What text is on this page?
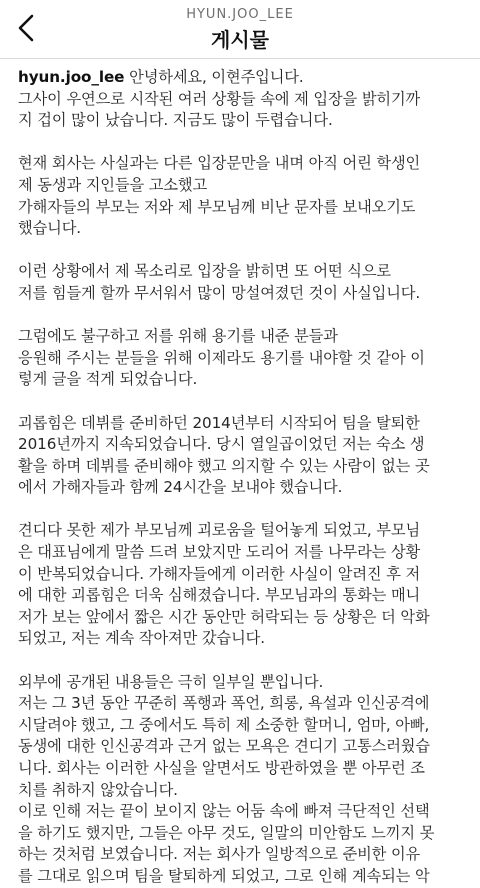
HYUN.JOO_LEE
게시물
hyun.joo_lee 안녕하세요, 이현주입니다.
그사이 우연으로 시작된 여러 상황들 속에 제 입장을 밝히기까
지 겁이 많이 났습니다. 지금도 많이 두렵습니다.
현재 회사는 사실과는 다른 입장문만을 내며 아직 어린 학생인
제 동생과 지인들을 고소했고
가해자들의 부모는 저와 제 부모님께 비난 문자를 보내오기도
했습니다.
이런 상황에서 제 목소리로 입장을 밝히면 또 어떤 식으로
저를 힘들게 할까 무서워서 많이 망설여졌던 것이 사실입니다.
그럼에도 불구하고 저를 위해 용기를 내준 분들과
응원해 주시는 분들을 위해 이제라도 용기를 내야할 것 같아 이
렇게 글을 적게 되었습니다.
괴롭힘은 데뷔를 준비하던 2014년부터 시작되어 팀을 탈퇴한
2016년까지 지속되었습니다. 당시 열일곱이었던 저는 숙소 생
활을 하며 데뷔를 준비해야 했고 의지할 수 있는 사람이 없는 곳
에서 가해자들과 함께 24시간을 보내야 했습니다.
견디다 못한 제가 부모님께 괴로움을 털어놓게 되었고, 부모님
은 대표님에게 말씀 드려 보았지만 도리어 저를 나무라는 상황
이 반복되었습니다. 가해자들에게 이러한 사실이 알려진 후 저
에 대한 괴롭힘은 더욱 심해졌습니다. 부모님과의 통화는 매니
저가 보는 앞에서 짧은 시간 동안만 허락되는 등 상황은 더 악화
되었고, 저는 계속 작아져만 갔습니다.
외부에 공개된 내용들은 극히 일부일 뿐입니다.
저는 그 3년 동안 꾸준히 폭행과 폭언, 희롱, 욕설과 인신공격에
시달려야 했고, 그 중에서도 특히 제 소중한 할머니, 엄마, 아빠,
동생에 대한 인신공격과 근거 없는 모욕은 견디기 고통스러웠습
니다. 회사는 이러한 사실을 알면서도 방관하였을 뿐 아무런 조
치를 취하지 않았습니다.
이로 인해 저는 끝이 보이지 않는 어둠 속에 빠져 극단적인 선택
을 하기도 했지만, 그들은 아무 것도, 일말의 미안함도 느끼지 못
하는 것처럼 보였습니다. 저는 회사가 일방적으로 준비한 이유
를 그대로 읽으며 팀을 탈퇴하게 되었고, 그로 인해 계속되는 악
